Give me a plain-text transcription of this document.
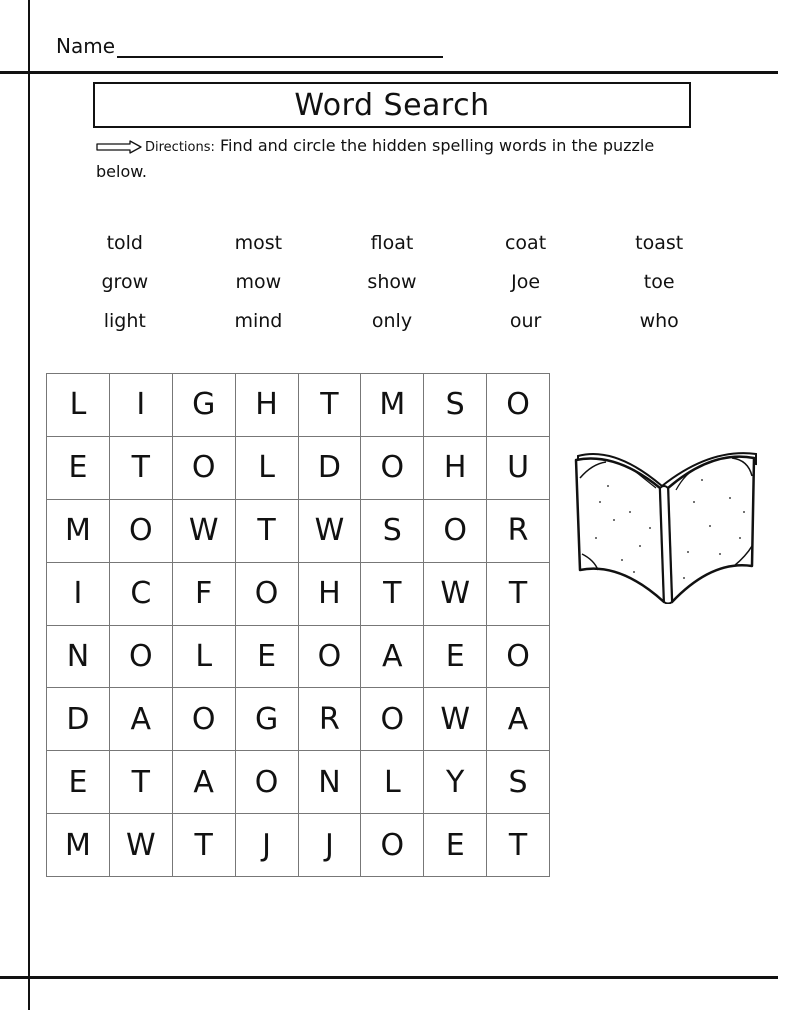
Name
Word Search
Directions: Find and circle the hidden spelling words in the puzzle below.
told	most	float	coat	toast
grow	mow	show	Joe	toe
light	mind	only	our	who
L	I	G	H	T	M	S	O
E	T	O	L	D	O	H	U
M	O	W	T	W	S	O	R
I	C	F	O	H	T	W	T
N	O	L	E	O	A	E	O
D	A	O	G	R	O	W	A
E	T	A	O	N	L	Y	S
M	W	T	J	J	O	E	T
